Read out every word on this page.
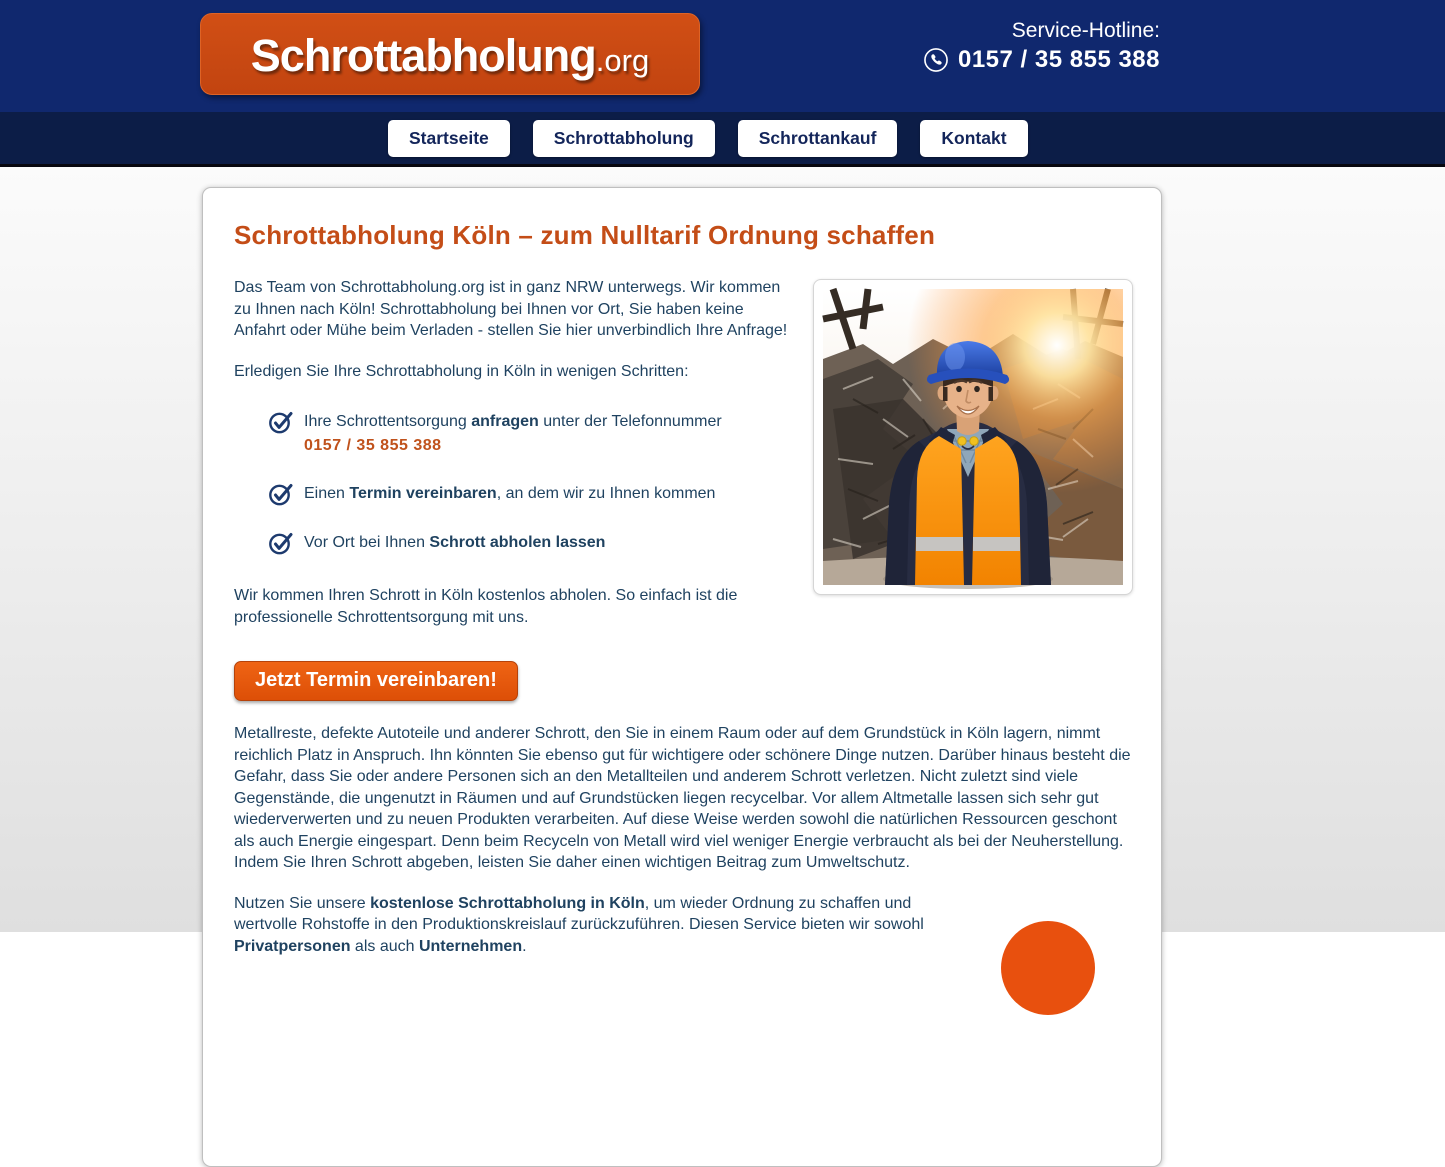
Schrottabholung .org
Service-Hotline:
0157 / 35 855 388
Startseite	Schrottabholung	Schrottankauf	Kontakt
Schrottabholung Köln – zum Nulltarif Ordnung schaffen

Das Team von Schrottabholung.org ist in ganz NRW unterwegs. Wir kommen zu Ihnen nach Köln! Schrottabholung bei Ihnen vor Ort, Sie haben keine Anfahrt oder Mühe beim Verladen - stellen Sie hier unverbindlich Ihre Anfrage!

Erledigen Sie Ihre Schrottabholung in Köln in wenigen Schritten:

Ihre Schrottentsorgung anfragen unter der Telefonnummer
0157 / 35 855 388
Einen Termin vereinbaren, an dem wir zu Ihnen kommen
Vor Ort bei Ihnen Schrott abholen lassen

Wir kommen Ihren Schrott in Köln kostenlos abholen. So einfach ist die professionelle Schrottentsorgung mit uns.

Jetzt Termin vereinbaren!

Metallreste, defekte Autoteile und anderer Schrott, den Sie in einem Raum oder auf dem Grundstück in Köln lagern, nimmt reichlich Platz in Anspruch. Ihn könnten Sie ebenso gut für wichtigere oder schönere Dinge nutzen. Darüber hinaus besteht die Gefahr, dass Sie oder andere Personen sich an den Metallteilen und anderem Schrott verletzen. Nicht zuletzt sind viele Gegenstände, die ungenutzt in Räumen und auf Grundstücken liegen recycelbar. Vor allem Altmetalle lassen sich sehr gut wiederverwerten und zu neuen Produkten verarbeiten. Auf diese Weise werden sowohl die natürlichen Ressourcen geschont als auch Energie eingespart. Denn beim Recyceln von Metall wird viel weniger Energie verbraucht als bei der Neuherstellung. Indem Sie Ihren Schrott abgeben, leisten Sie daher einen wichtigen Beitrag zum Umweltschutz.

Nutzen Sie unsere kostenlose Schrottabholung in Köln, um wieder Ordnung zu schaffen und wertvolle Rohstoffe in den Produktionskreislauf zurückzuführen. Diesen Service bieten wir sowohl Privatpersonen als auch Unternehmen.
